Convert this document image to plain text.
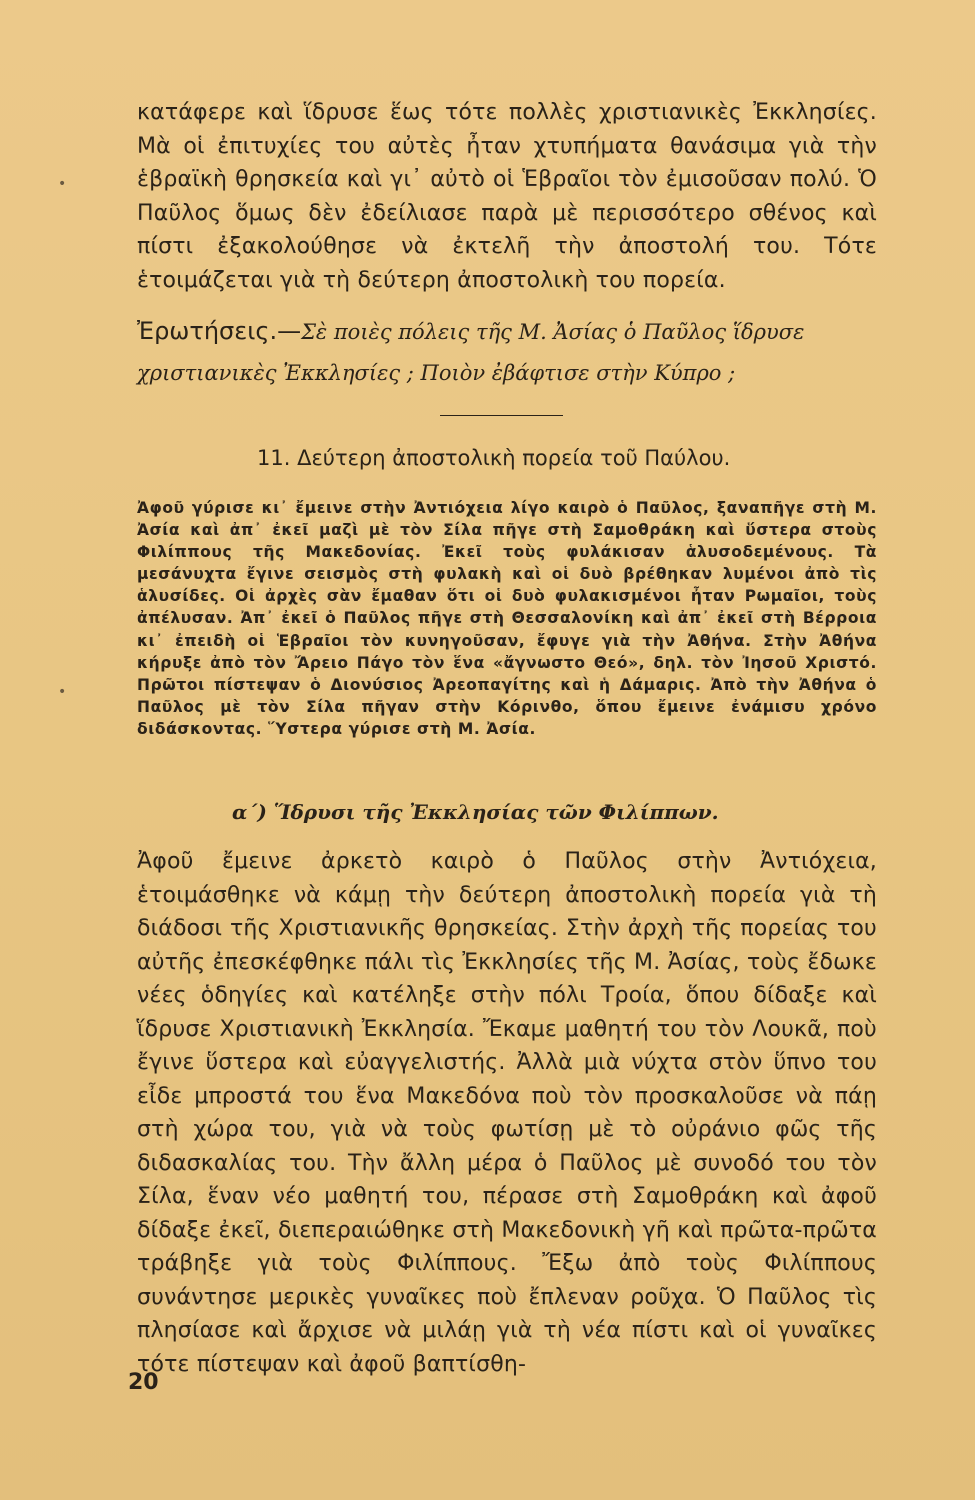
κατάφερε καὶ ἵδρυσε ἕως τότε πολλὲς χριστιανικὲς Ἐκκλησίες. Μὰ οἱ ἐπιτυχίες του αὐτὲς ἦταν χτυπήματα θανάσιμα γιὰ τὴν ἑβραϊκὴ θρησκεία καὶ γι᾽ αὐτὸ οἱ Ἑβραῖοι τὸν ἐμισοῦσαν πολύ. Ὁ Παῦλος ὅμως δὲν ἐδείλιασε παρὰ μὲ περισσότερο σθένος καὶ πίστι ἐξακολούθησε νὰ ἐκτελῆ τὴν ἀποστολή του. Τότε ἑτοιμάζεται γιὰ τὴ δεύτερη ἀποστολικὴ του πορεία.

Ἐρωτήσεις.—Σὲ ποιὲς πόλεις τῆς Μ. Ἀσίας ὁ Παῦλος ἵδρυσε χριστιανικὲς Ἐκκλησίες ; Ποιὸν ἐβάφτισε στὴν Κύπρο ;

11. Δεύτερη ἀποστολικὴ πορεία τοῦ Παύλου.

Ἀφοῦ γύρισε κι᾽ ἔμεινε στὴν Ἀντιόχεια λίγο καιρὸ ὁ Παῦλος, ξαναπῆγε στὴ Μ. Ἀσία καὶ ἀπ᾽ ἐκεῖ μαζὶ μὲ τὸν Σίλα πῆγε στὴ Σαμοθράκη καὶ ὕστερα στοὺς Φιλίππους τῆς Μακεδονίας. Ἐκεῖ τοὺς φυλάκισαν ἁλυσοδεμένους. Τὰ μεσάνυχτα ἔγινε σεισμὸς στὴ φυλακὴ καὶ οἱ δυὸ βρέθηκαν λυμένοι ἀπὸ τὶς ἁλυσίδες. Οἱ ἀρχὲς σὰν ἔμαθαν ὅτι οἱ δυὸ φυλακισμένοι ἦταν Ρωμαῖοι, τοὺς ἀπέλυσαν. Ἀπ᾽ ἐκεῖ ὁ Παῦλος πῆγε στὴ Θεσσαλονίκη καὶ ἀπ᾽ ἐκεῖ στὴ Βέρροια κι᾽ ἐπειδὴ οἱ Ἑβραῖοι τὸν κυνηγοῦσαν, ἔφυγε γιὰ τὴν Ἀθήνα. Στὴν Ἀθήνα κήρυξε ἀπὸ τὸν Ἄρειο Πάγο τὸν ἕνα «ἄγνωστο Θεό», δηλ. τὸν Ἰησοῦ Χριστό. Πρῶτοι πίστεψαν ὁ Διονύσιος Ἀρεοπαγίτης καὶ ἡ Δάμαρις. Ἀπὸ τὴν Ἀθήνα ὁ Παῦλος μὲ τὸν Σίλα πῆγαν στὴν Κόρινθο, ὅπου ἔμεινε ἐνάμισυ χρόνο διδάσκοντας. Ὕστερα γύρισε στὴ Μ. Ἀσία.

α΄) Ἵδρυσι τῆς Ἐκκλησίας τῶν Φιλίππων.

Ἀφοῦ ἔμεινε ἀρκετὸ καιρὸ ὁ Παῦλος στὴν Ἀντιόχεια, ἑτοιμάσθηκε νὰ κάμῃ τὴν δεύτερη ἀποστολικὴ πορεία γιὰ τὴ διάδοσι τῆς Χριστιανικῆς θρησκείας. Στὴν ἀρχὴ τῆς πορείας του αὐτῆς ἐπεσκέφθηκε πάλι τὶς Ἐκκλησίες τῆς Μ. Ἀσίας, τοὺς ἔδωκε νέες ὁδηγίες καὶ κατέληξε στὴν πόλι Τροία, ὅπου δίδαξε καὶ ἵδρυσε Χριστιανικὴ Ἐκκλησία. Ἔκαμε μαθητή του τὸν Λουκᾶ, ποὺ ἔγινε ὕστερα καὶ εὐαγγελιστής. Ἀλλὰ μιὰ νύχτα στὸν ὕπνο του εἶδε μπροστά του ἕνα Μακεδόνα ποὺ τὸν προσκαλοῦσε νὰ πάῃ στὴ χώρα του, γιὰ νὰ τοὺς φωτίσῃ μὲ τὸ οὐράνιο φῶς τῆς διδασκαλίας του. Τὴν ἄλλη μέρα ὁ Παῦλος μὲ συνοδό του τὸν Σίλα, ἕναν νέο μαθητή του, πέρασε στὴ Σαμοθράκη καὶ ἀφοῦ δίδαξε ἐκεῖ, διεπεραιώθηκε στὴ Μακεδονικὴ γῆ καὶ πρῶτα-πρῶτα τράβηξε γιὰ τοὺς Φιλίππους. Ἔξω ἀπὸ τοὺς Φιλίππους συνάντησε μερικὲς γυναῖκες ποὺ ἔπλεναν ροῦχα. Ὁ Παῦλος τὶς πλησίασε καὶ ἄρχισε νὰ μιλάῃ γιὰ τὴ νέα πίστι καὶ οἱ γυναῖκες τότε πίστεψαν καὶ ἀφοῦ βαπτίσθη-

20

•
•
